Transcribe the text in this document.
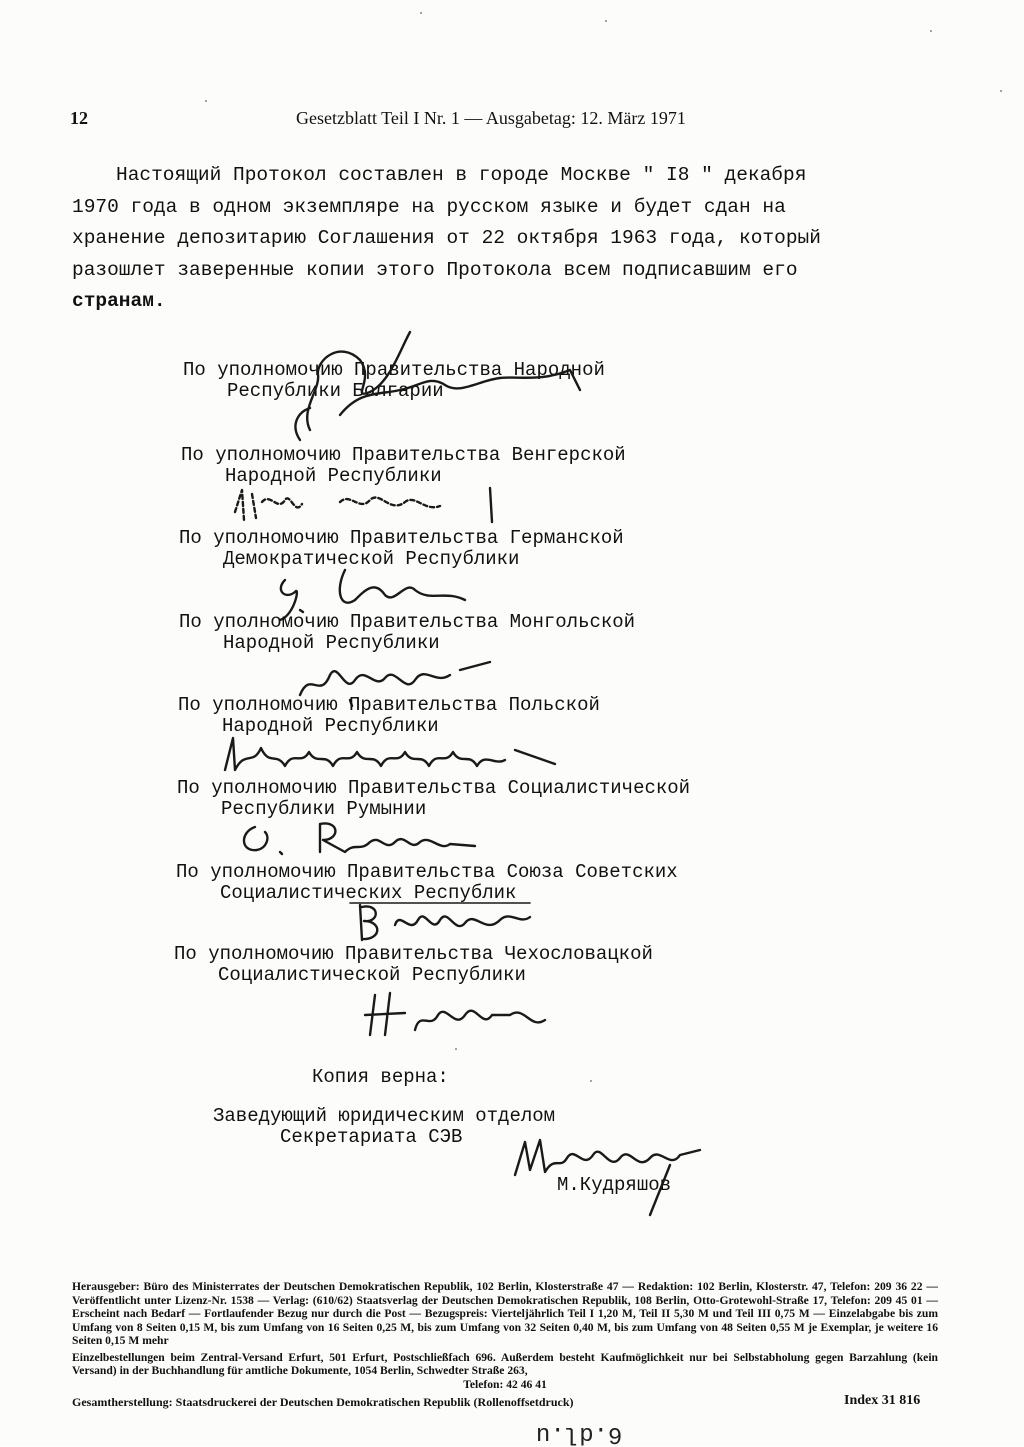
12	Gesetzblatt Teil I Nr. 1 — Ausgabetag: 12. März 1971

Настоящий Протокол составлен в городе Москве " I8 " декабря

1970 года в одном экземпляре на русском языке и будет сдан на

хранение депозитарию Соглашения от 22 октября 1963 года, который

разошлет заверенные копии этого Протокола всем подписавшим его

странам.

По уполномочию Правительства Народной
Республики Болгарии
По уполномочию Правительства Венгерской
Народной Республики
По уполномочию Правительства Германской
Демократической Республики
По уполномочию Правительства Монгольской
Народной Республики
По уполномочию Правительства Польской
Народной Республики
По уполномочию Правительства Социалистической
Республики Румынии
По уполномочию Правительства Союза Советских
Социалистических Республик
По уполномочию Правительства Чехословацкой
Социалистической Республики
Копия верна:
Заведующий юридическим отделом
Секретариата СЭВ
М.Кудряшов

Herausgeber: Büro des Ministerrates der Deutschen Demokratischen Republik, 102 Berlin, Klosterstraße 47 — Redaktion: 102 Berlin, Klosterstr. 47, Telefon: 209 36 22 — Veröffentlicht unter Lizenz-Nr. 1538 — Verlag: (610/62) Staatsverlag der Deutschen Demokratischen Republik, 108 Berlin, Otto-Grotewohl-Straße 17, Telefon: 209 45 01 — Erscheint nach Bedarf — Fortlaufender Bezug nur durch die Post — Bezugspreis: Vierteljährlich Teil I 1,20 M, Teil II 5,30 M und Teil III 0,75 M — Einzelabgabe bis zum Umfang von 8 Seiten 0,15 M, bis zum Umfang von 16 Seiten 0,25 M, bis zum Umfang von 32 Seiten 0,40 M, bis zum Umfang von 48 Seiten 0,55 M je Exemplar, je weitere 16 Seiten 0,15 M mehr

Einzelbestellungen beim Zentral-Versand Erfurt, 501 Erfurt, Postschließfach 696. Außerdem besteht Kaufmöglichkeit nur bei Selbstabholung gegen Barzahlung (kein Versand) in der Buchhandlung für amtliche Dokumente, 1054 Berlin, Schwedter Straße 263,
Telefon: 42 46 41

Gesamtherstellung: Staatsdruckerei der Deutschen Demokratischen Republik (Rollenoffsetdruck)	Index 31 816
6.dl.u
